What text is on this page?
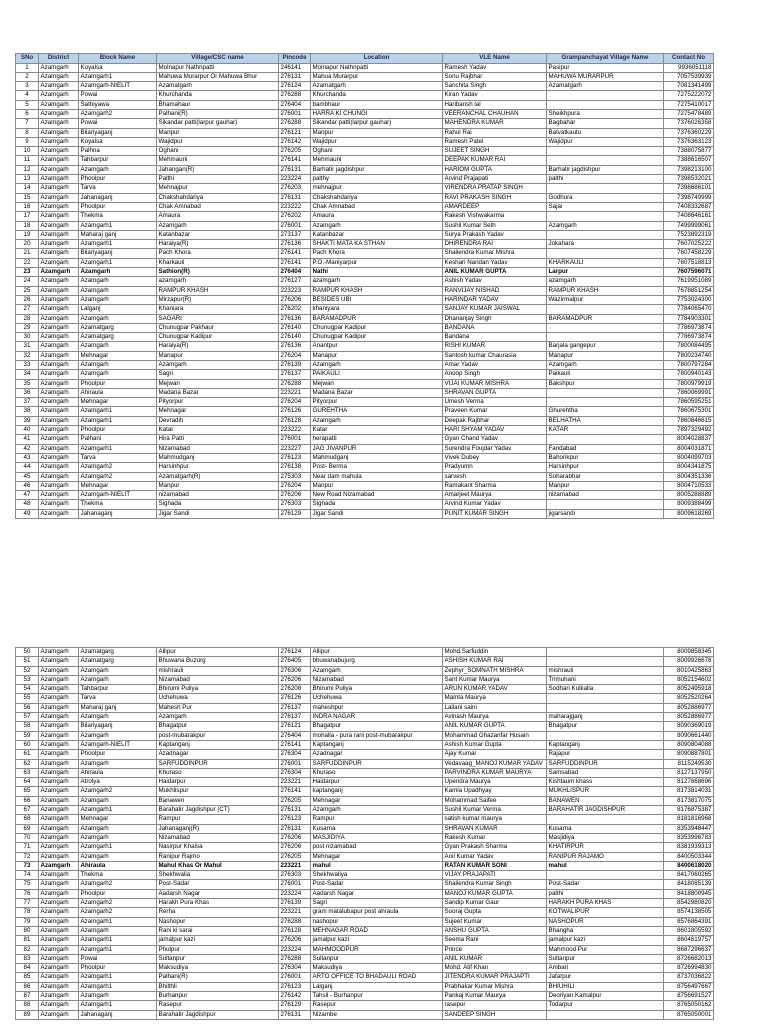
SNo	District	Block Name	Village/CSC name	Pincode	Location	VLE Name	Grampanchayat Village Name	Contact No
1	Azamgarh	Koyalsa	Molnapur Nathnpatti	246141	Molnapur Nathnpatti	Ramesh Yadav	Pasipur	9936051118
2	Azamgarh	Azamgarh1	Mahuwa Murarpur Or Mahuwa Bhur	276131	Mahua Murarpur	Sonu Rajbhar	MAHUWA MURARPUR	7057539939
3	Azamgarh	Azamgarh-NIELIT	Azamatgarh	276124	Azamatgarh	Sanchita Singh	Azamatgarh	7081341499
4	Azamgarh	Powai	Khurchanda	276288	Khurchanda	Kiran Yadav		7275222072
5	Azamgarh	Sathiyawa	Bhamahaur	276404	bambhaur	Haribansh lal		7275410017
6	Azamgarh	Azamgarh2	Palhani(R)	276001	HARRA KI CHUNGI	VEERANCHAL CHAUHAN	Sheikhpura	7275478489
7	Azamgarh	Powai	Sikandar patti(larpur gauhar)	276288	Sikandar patti(larpur gauhar)	MAHENDRA KUMAR	Bagbahar	7376026358
8	Azamgarh	Bilariyaganj	Manpur	276121	Manpur	Rahul Rai	Batvatkautu	7376360229
9	Azamgarh	Koyalsa	Wajidpur	276142	Wajidpur	Ramesh Patel	Wajidpur	7376363123
10	Azamgarh	Palhna	Oghani	276205	Oghani	SUJEET SINGH		7388075877
11	Azamgarh	Tahbarpur	Mehmauni	276141	Mehmauni	DEEPAK KUMAR RAI		7388616507
12	Azamgarh	Azamgarh	Jahangan(R)	276131	Barhatir jagdishpur	HARIOM GUPTA	Barhatir jagdishpur	7398213100
13	Azamgarh	Phoolpur	Palthi	223224	palthy	Arvind Prajapati	palthi	7398532021
14	Azamgarh	Tarva	Mehnajpur	276203	mehnajpur	VIRENDRA PRATAP SINGH		7398686101
15	Azamgarh	Jahanaganj	Chakshahdariya	276131	Chakshahdariya	RAVI PRAKASH SINGH	Godhura	7398749999
16	Azamgarh	Phoolpur	Chak Amnabad	223222	Chak Amnabad	AMARDEEP	Sajai	7408332687
17	Azamgarh	Thekma	Amaura	276202	Amaura	Rakesh Vishwakarma		7408646161
18	Azamgarh	Azamgarh1	Azamgarh	276001	Azamgarh	Sushil Kumar Seth	Azamgarh	7499999061
19	Azamgarh	Maharaj ganj	Katanbazar	273137	Katanbazar	Surya Prakash Yadav		7523892319
20	Azamgarh	Azamgarh1	Haraiya(R)	276136	SHAKTI MATA KA STHAN	DHIRENDRA RAI	Jokahara	7607025222
21	Azamgarh	Bilariyaganj	Pach Khora	276141	Pach Khora	Shailendra Kumar Mishra		7607458229
22	Azamgarh	Azamgarh1	Kharkauli	276141	P.O.-Maniyarpur	Keshari Nandan Yadav	KHARKAULI	7607518813
23	Azamgarh	Azamgarh	Sathion(R)	276404	Nathi	ANIL KUMAR GUPTA	Larpur	7607596071
24	Azamgarh	Azamgarh	azamgarh	276127	azamgarh	Ashish Yadav	azamgarh	7619951089
25	Azamgarh	Azamgarh	RAMPUR KHASH	223223	RAMPUR KHASH	RANVIJAY NISHAD	RAMPUR KHASH	7678851254
26	Azamgarh	Azamgarh	Mirzapur(R)	276206	BESIDES UBI	HARINDAR YADAV	Wazirmalpur	7753024300
27	Azamgarh	Lalganj	Khaniara	276202	khaniyara	SANJAY KUMAR JAISWAL		7784065470
28	Azamgarh	Azamgarh	SAGARI	276136	BARAMADPUR	Dhananjay Singh	BARAMADPUR	7784903301
29	Azamgarh	Azamatgarg	Chunugpar Pakhaur	276140	Chunugpar Kadipur	BANDANA		7786973874
30	Azamgarh	Azamatgarg	Chunugpar Kadipur	276140	Chunugpar Kadipur	Bandana		7786973874
31	Azamgarh	Azamgarh	Haraiya(R)	276136	Anantpur	RISHI KUMAR	Barjala gangepur	7800084495
32	Azamgarh	Mehnagar	Manapur	276204	Manapur	Santosh kumar Chaurasia	Manapur	7800234740
33	Azamgarh	Azamgarh	Azamgarh	276139	Azamgarh	Amar Yadav	Azamgarh	7800797284
34	Azamgarh	Azamgarh	Sagri	276137	PAIKAULI	Anoop Singh	Paikauli	7800940143
35	Azamgarh	Phoolpur	Mejwan	276288	Mejwan	VIJAI KUMAR MISHRA	Bakshpur	7800979919
36	Azamgarh	Ahiraula	Madana Bazar	223221	Madana Bazar	SHRAVAN GUPTA		7860069991
37	Azamgarh	Mehnagar	Pityorpur	276204	Pityorpur	Umesh Verma		7860595251
38	Azamgarh	Azamgarh1	Mehnagar	276126	GUREHTHA	Praveen Kumar	Ghurehtha	7860675301
39	Azamgarh	Azamgarh1	Devradih	276128	Azamgarh	Deepak Rajbhar	BELHATHA	7860846615
40	Azamgarh	Phoolpur	Katar	223222	Katar	HARI SHYAM YADAV	KATAR	7897329492
41	Azamgarh	Palhani	Hira Patti	276001	herapatti	Gyan Chand Yadav		8004028837
42	Azamgarh	Azamgarh1	Nizamabad	223227	JAG JIVANPUR	Surendra Foujdar Yadav	Fandabad	8004031871
43	Azamgarh	Tarva	Mahmudganj	276123	Mahmudganj	Vivek Dubey	Bahorikpur	8004099703
44	Azamgarh	Azamgarh2	Harsinhpur	276138	Post- Berma	Pradyumn	Harsinhpur	8004341875
45	Azamgarh	Azamgarh2	Azamatgarh(R)	275303	Near dam mahula	sarvesh	Soharabhar	8004351336
46	Azamgarh	Mehnagar	Manpur	276204	Manpur	Ramakant Sharma	Manpur	8004710533
47	Azamgarh	Azamgarh-NIELIT	nizamabad	276206	New Road Nizamabad	Amarjeet Maurya	nizamabad	8005288889
48	Azamgarh	Thekma	Sighada	276303	Sighada	Arvind Kumar Yadav		8009388499
49	Azamgarh	Jahanaganj	Jigar Sandi	276129	Jigar Sandi	PUNIT KUMAR SINGH	jigarsandi	8009618269
50	Azamgarh	Azamatgarg	Allipur	276124	Allipur	Mohd.Sarfuddin		8009858345
51	Azamgarh	Azamatgarg	Bhuwana Buzurg	276405	bhuwanabujurg	ASHISH KUMAR RAI		8009926678
52	Azamgarh	Azamgarh	mishrauli	276306	Azamgarh	Zephyr_SOMNATH MISHRA	mishrauli	8010425863
53	Azamgarh	Azamgarh	Nizamabad	276206	Nizamabad	Sant Kumar Maurya	Trimuhani	8052154602
54	Azamgarh	Tahbarpur	Bhirumi Puliya	276208	Bhirumi Puliya	ARUN KUMAR YADAV	Sodhari Kulkalla	8052495918
55	Azamgarh	Tarva	Uchehuwa	276126	Uchehuwa	Mamta Maurya		8052520264
56	Azamgarh	Maharaj ganj	Mahesh Pur	276137	maheshpur	Lailani saini		8052886977
57	Azamgarh	Azamgarh	Azamgarh	276137	INDRA NAGAR	Avinash Maurya	maharajganj	8052886977
58	Azamgarh	Bilariyaganj	Bhagatpur	276121	Bhagatpur	ANIL KUMAR GUPTA	Bhagatpur	8090369019
59	Azamgarh	Azamgarh	post-mubarakpur	276404	mohalla - pura rani post-mubarakpur	Mohammad Ghazanfar Husain		8090661440
60	Azamgarh	Azamgarh-NIELIT	Kaptanganj	276141	Kaptanganj	Ashish Kumar Gupta	Kaptanganj	8090804088
61	Azamgarh	Phoolpur	Azadnagar	276304	Azadnagar	Ajay Kumar	Rajapur	8090887801
62	Azamgarh	Azamgarh	SARFUDDINPUR	276001	SARFUDDINPUR	Vedavaag_MANOJ KUMAR YADAV	SARFUDDINPUR	8115249530
63	Azamgarh	Ahiraula	Khuraso	276304	Khuraso	PARVINDRA KUMAR MAURYA	Samsabad	8127137950
64	Azamgarh	Atrolya	Haidarpur	223221	Haidarpur	Upendra Maurya	Kishtaum khass	8127668696
65	Azamgarh	Azamgarh2	Mukhlispur	276141	kaptanganj	Kamla Upadhyay	MUKHLISPUR	8173814031
66	Azamgarh	Azamgarh	Banawen	276205	Mehnagar	Mohammad Saifee	BANAWEN	8173817075
67	Azamgarh	Azamgarh1	Barahatir Jagdishpur (CT)	276131	Azamgarh	Sushil Kumar Verma	BARAHATIR JAGDISHPUR	8176875387
68	Azamgarh	Mehnagar	Rampur	276123	Rampur	satish kumar maurya		8181816968
69	Azamgarh	Azamgarh	Jahanaganj(R)	276131	Kusarna	SHRAVAN KUMAR	Kusarna	8353948447
70	Azamgarh	Azamgarh	Nizamabad	276206	MASJIDIYA	Rakesh Kumar	Masjidiya	8353996783
71	Azamgarh	Azamgarh1	Nasirpur Khalsa	276206	post nizamabad	Gyan Prakash Sharma	KHATIRPUR	8381939313
72	Azamgarh	Azamgarh	Ranipur Rajmo	276205	Mehnagar	Anil Kumar Yadav	RANIPUR RAJAMO	8400503344
73	Azamgarh	Ahiraula	Mahul Khas Or Mahul	223221	mahul	RATAN KUMAR SONI	mahul	8400618020
74	Azamgarh	Thekma	Shekhwalia	276303	Shekhwaliya	VIJAY PRAJAPATI		8417060265
75	Azamgarh	Azamgarh2	Post-Sadar	276001	Post-Sadar	Shailendra Kumar Singh	Post-Sadar	8418085139
76	Azamgarh	Phoolpur	Aadarsh Nagar	223224	Aadarsh Nagar	MANOJ KUMAR GUPTA	palthi	8418800945
77	Azamgarh	Azamgarh2	Harakh Pura Khas	276139	Sagri	Sandip Kumar Gaur	HARAKH PURA KHAS	8542980820
78	Azamgarh	Azamgarh2	Rerha	223221	gram matalubapur post ahraula	Sooraj Gupta	KOTWALIPUR	8574138505
79	Azamgarh	Azamgarh1	Nashopur	276288	nashopur	Sujeet Kumar	NASHOPUR	8576864391
80	Azamgarh	Azamgarh	Rani ki sarai	276128	MEHNAGAR ROAD	ANSHU GUPTA	Bhangha	8601805592
81	Azamgarh	Azamgarh1	jamalpur kazi	276206	jamalpur kazi	Seema Rani	jamalpur kazi	8604619757
82	Azamgarh	Azamgarh1	Phulpur	223224	MAHMOODPUR	Prince	Mahmood Pur	8687296637
83	Azamgarh	Powai	Sultanpur	276288	Sultanpur	ANIL KUMAR	Sultanpur	8726682013
84	Azamgarh	Phoolpur	Maksudiya	276304	Maksudiya	Mohd. Atif Khan	Ambari	8726994830
85	Azamgarh	Azamgarh1	Palhani(R)	276001	ARTO OFFICE TO BHADAULI ROAD	JITENDRA KUMAR PRAJAPTI	Jafarpur	8737036822
86	Azamgarh	Azamgarh1	Bhilthli	276123	Lalganj	Prabhakar Kumar Mishra	BHIUHILI	8756497667
87	Azamgarh	Azamgarh	Burhanpur	276142	Tahsil - Burhanpur	Pankaj Kumar Maurya	Deoriyan Kamalpur	8756691527
88	Azamgarh	Azamgarh1	Rasepur	276129	Rasepur	rasepur	Todarpur	8765050162
89	Azamgarh	Jahanaganj	Barahatir Jagdishpur	276131	Nizambe	SANDEEP SINGH		8765050001
